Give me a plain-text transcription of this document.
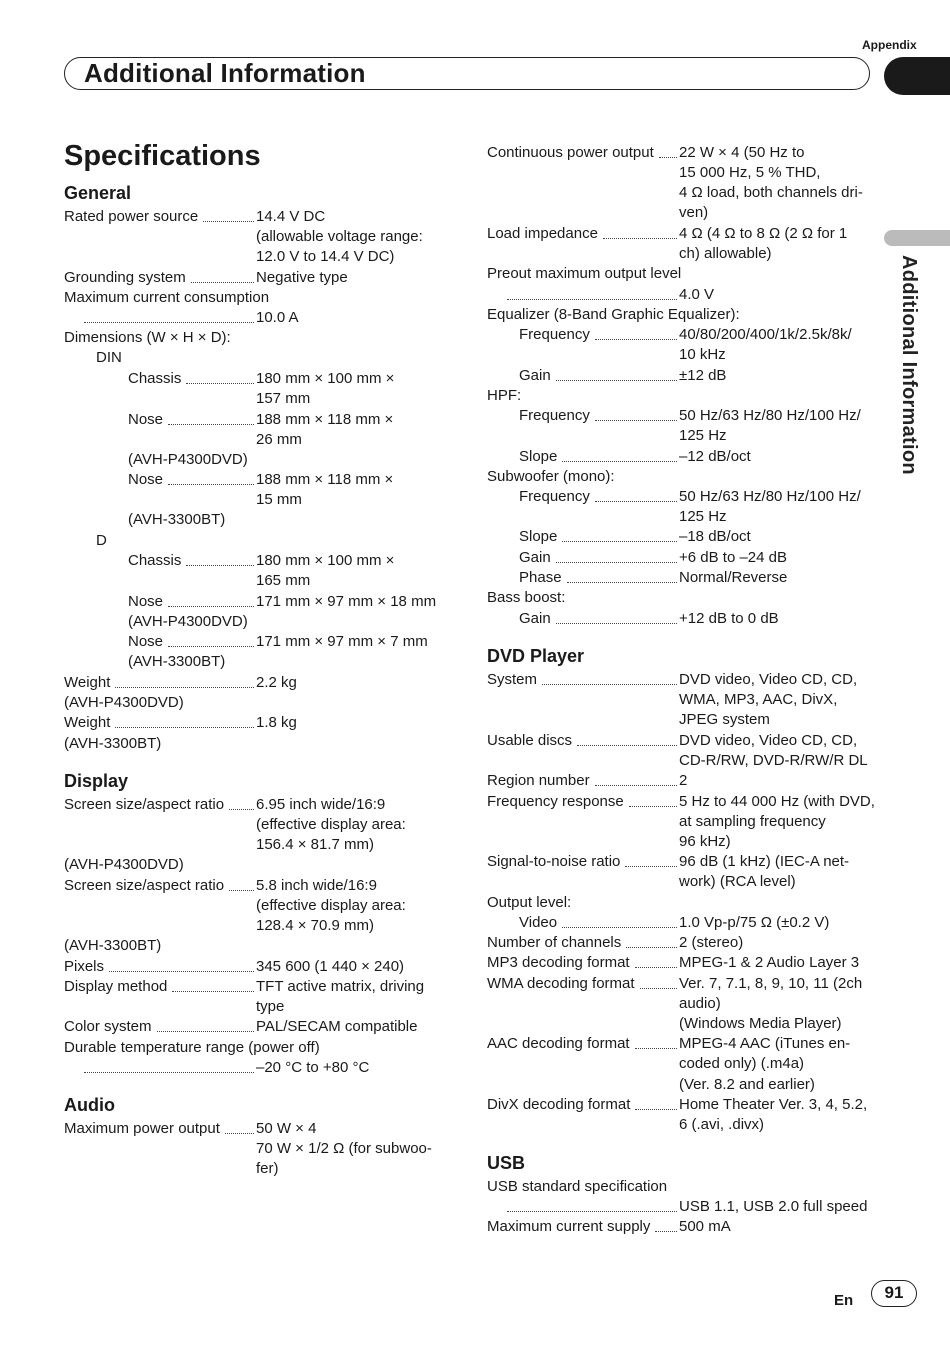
Appendix
Additional Information
Additional Information
Specifications
General
Rated power source	14.4 V DC
(allowable voltage range:
12.0 V to 14.4 V DC)
Grounding system	Negative type
Maximum current consumption
10.0 A
Dimensions (W × H × D):
DIN
Chassis	180 mm × 100 mm ×
157 mm
Nose	188 mm × 118 mm ×
26 mm
(AVH-P4300DVD)
Nose	188 mm × 118 mm ×
15 mm
(AVH-3300BT)
D
Chassis	180 mm × 100 mm ×
165 mm
Nose	171 mm × 97 mm × 18 mm
(AVH-P4300DVD)
Nose	171 mm × 97 mm × 7 mm
(AVH-3300BT)
Weight	2.2 kg
(AVH-P4300DVD)
Weight	1.8 kg
(AVH-3300BT)
Display
Screen size/aspect ratio 6.95 inch wide/16:9
(effective display area:
156.4 × 81.7 mm)
(AVH-P4300DVD)
Screen size/aspect ratio 5.8 inch wide/16:9
(effective display area:
128.4 × 70.9 mm)
(AVH-3300BT)
Pixels	345 600 (1 440 × 240)
Display method	TFT active matrix, driving
type
Color system	PAL/SECAM compatible
Durable temperature range (power off)
–20 °C to +80 °C
Audio
Maximum power output 50 W × 4
70 W × 1/2 Ω (for subwoo-
fer)
Continuous power output 22 W × 4 (50 Hz to
15 000 Hz, 5 % THD,
4 Ω load, both channels dri-
ven)
Load impedance	4 Ω (4 Ω to 8 Ω (2 Ω for 1
ch) allowable)
Preout maximum output level
4.0 V
Equalizer (8-Band Graphic Equalizer):
Frequency	40/80/200/400/1k/2.5k/8k/
10 kHz
Gain	±12 dB
HPF:
Frequency	50 Hz/63 Hz/80 Hz/100 Hz/
125 Hz
Slope	–12 dB/oct
Subwoofer (mono):
Frequency	50 Hz/63 Hz/80 Hz/100 Hz/
125 Hz
Slope	–18 dB/oct
Gain	+6 dB to –24 dB
Phase	Normal/Reverse
Bass boost:
Gain	+12 dB to 0 dB
DVD Player
System	DVD video, Video CD, CD,
WMA, MP3, AAC, DivX,
JPEG system
Usable discs	DVD video, Video CD, CD,
CD-R/RW, DVD-R/RW/R DL
Region number	2
Frequency response	5 Hz to 44 000 Hz (with DVD,
at sampling frequency
96 kHz)
Signal-to-noise ratio	96 dB (1 kHz) (IEC-A net-
work) (RCA level)
Output level:
Video	1.0 Vp-p/75 Ω (±0.2 V)
Number of channels	2 (stereo)
MP3 decoding format	MPEG-1 & 2 Audio Layer 3
WMA decoding format	Ver. 7, 7.1, 8, 9, 10, 11 (2ch
audio)
(Windows Media Player)
AAC decoding format	MPEG-4 AAC (iTunes en-
coded only) (.m4a)
(Ver. 8.2 and earlier)
DivX decoding format	Home Theater Ver. 3, 4, 5.2,
6 (.avi, .divx)
USB
USB standard specification
USB 1.1, USB 2.0 full speed
Maximum current supply 500 mA
En	91
